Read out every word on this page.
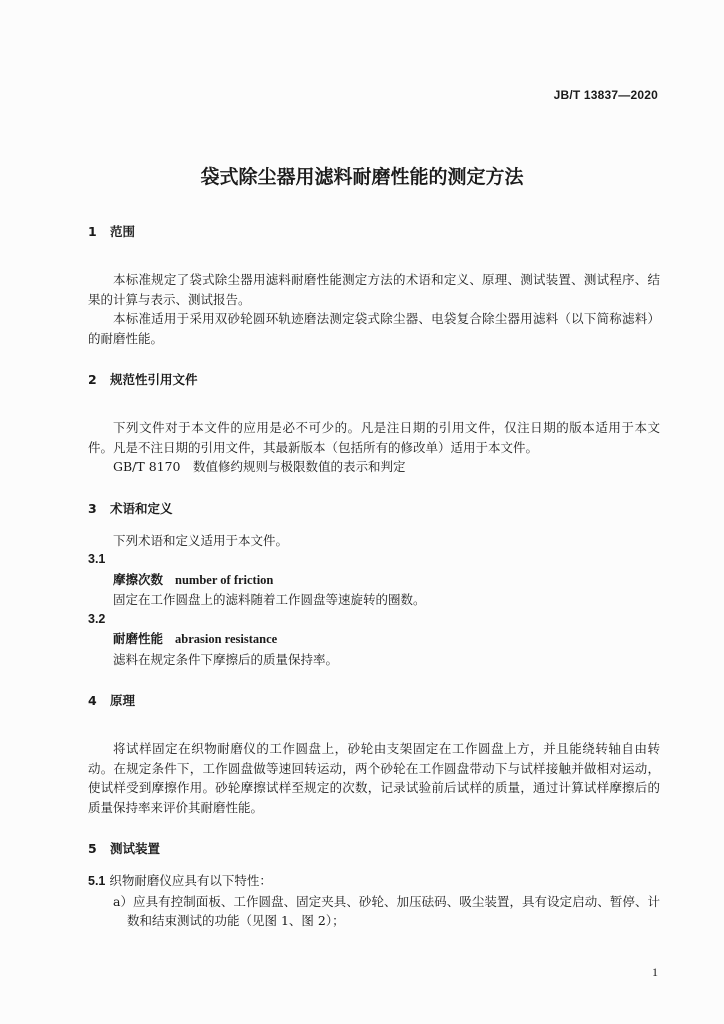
JB/T 13837—2020
袋式除尘器用滤料耐磨性能的测定方法
1 范围

本标准规定了袋式除尘器用滤料耐磨性能测定方法的术语和定义、原理、测试装置、测试程序、结果的计算与表示、测试报告。

本标准适用于采用双砂轮圆环轨迹磨法测定袋式除尘器、电袋复合除尘器用滤料（以下简称滤料）的耐磨性能。

2 规范性引用文件

下列文件对于本文件的应用是必不可少的。凡是注日期的引用文件，仅注日期的版本适用于本文件。凡是不注日期的引用文件，其最新版本（包括所有的修改单）适用于本文件。

GB/T 8170　数值修约规则与极限数值的表示和判定
3 术语和定义
下列术语和定义适用于本文件。
3.1
摩擦次数 number of friction
固定在工作圆盘上的滤料随着工作圆盘等速旋转的圈数。
3.2
耐磨性能 abrasion resistance
滤料在规定条件下摩擦后的质量保持率。
4 原理

将试样固定在织物耐磨仪的工作圆盘上，砂轮由支架固定在工作圆盘上方，并且能绕转轴自由转动。在规定条件下，工作圆盘做等速回转运动，两个砂轮在工作圆盘带动下与试样接触并做相对运动，使试样受到摩擦作用。砂轮摩擦试样至规定的次数，记录试验前后试样的质量，通过计算试样摩擦后的质量保持率来评价其耐磨性能。

5 测试装置
5.1 织物耐磨仪应具有以下特性：
a）应具有控制面板、工作圆盘、固定夹具、砂轮、加压砝码、吸尘装置，具有设定启动、暂停、计数和结束测试的功能（见图 1、图 2）；
1
